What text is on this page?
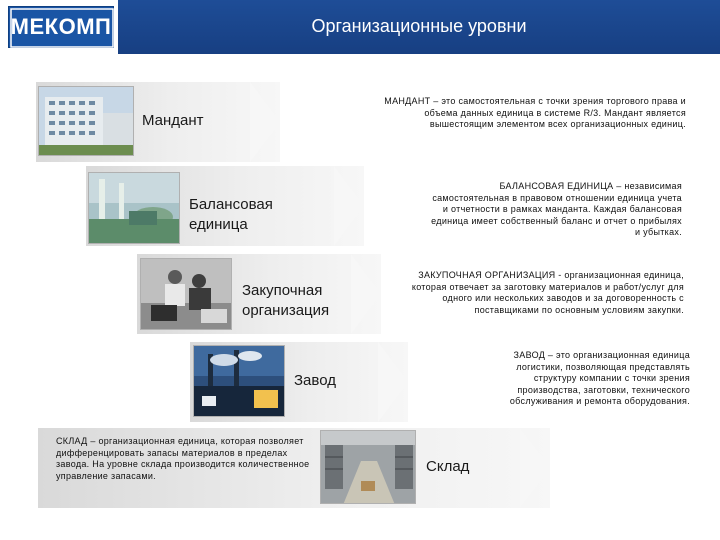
МЕКОМП	Организационные уровни
Мандант
МАНДАНТ – это самостоятельная с точки зрения торгового права и объема данных единица в системе R/3. Мандант является вышестоящим элементом всех организационных единиц.
Балансовая единица
БАЛАНСОВАЯ ЕДИНИЦА – независимая самостоятельная в правовом отношении единица учета и отчетности в рамках манданта. Каждая балансовая единица имеет собственный баланс и отчет о прибылях и убытках.
Закупочная организация
ЗАКУПОЧНАЯ ОРГАНИЗАЦИЯ - организационная единица, которая отвечает за заготовку материалов и работ/услуг для одного или нескольких заводов и за договоренность с поставщиками по основным условиям закупки.
Завод
ЗАВОД – это организационная единица логистики, позволяющая представлять структуру компании с точки зрения производства, заготовки, технического обслуживания и ремонта оборудования.
СКЛАД – организационная единица, которая позволяет дифференцировать запасы материалов в пределах завода. На уровне склада производится количественное управление запасами.
Склад
